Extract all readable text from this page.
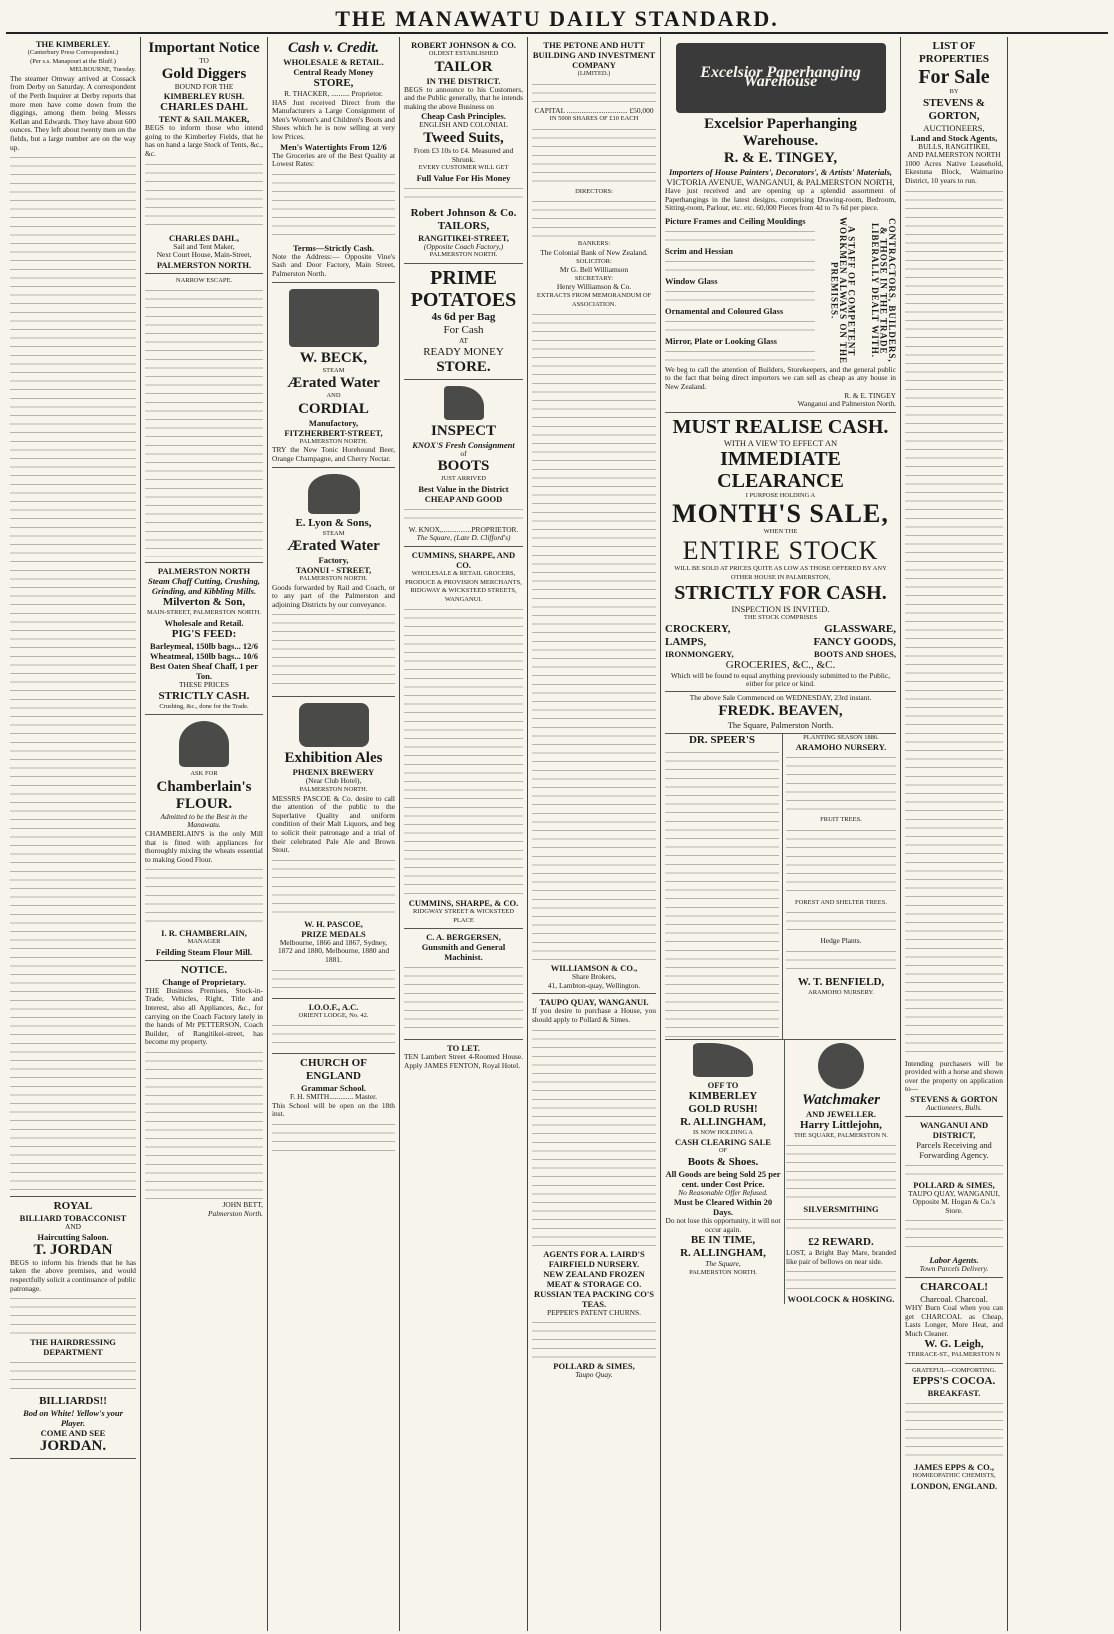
THE MANAWATU DAILY STANDARD.
THE KIMBERLEY.
(Canterbury Press Correspondent.)
(Per s.s. Manapouri at the Bluff.)
MELBOURNE, Tuesday.
The steamer Omway arrived at Cossack from Derby on Saturday. A correspondent of the Perth Inquirer at Derby reports that more men have come down from the diggings, among them being Messrs Kellan and Edwards. They have about 600 ounces. They left about twenty men on the fields, but a large number are on the way up.
ROYAL
BILLIARD TOBACCONIST
AND
Haircutting Saloon.
T. JORDAN
BEGS to inform his friends that he has taken the above premises, and would respectfully solicit a continuance of public patronage.
THE HAIRDRESSING
DEPARTMENT
BILLIARDS!!
Bod on White! Yellow's your Player.
COME AND SEE
JORDAN.
Important Notice
TO
Gold Diggers
BOUND FOR THE
KIMBERLEY RUSH.
CHARLES DAHL
TENT & SAIL MAKER,
BEGS to inform those who intend going to the Kimberley Fields, that he has on hand a large Stock of Tents, &c., &c.
CHARLES DAHL,
Sail and Tent Maker,
Next Court House, Main-Street,
PALMERSTON NORTH.
NARROW ESCAPE.
PALMERSTON NORTH
Steam Chaff Cutting, Crushing, Grinding, and Kibbling Mills.
Milverton & Son,
MAIN-STREET, PALMERSTON NORTH.
Wholesale and Retail.
PIG'S FEED:
Barleymeal, 150lb bags... 12/6
Wheatmeal, 150lb bags... 10/6
Best Oaten Sheaf Chaff, 1 per Ton.
THESE PRICES
STRICTLY CASH.
Crushing, &c., done for the Trade.
ASK FOR
Chamberlain's FLOUR.
Admitted to be the Best in the Manawatu.
CHAMBERLAIN'S is the only Mill that is fitted with appliances for thoroughly mixing the wheats essential to making Good Flour.
I. R. CHAMBERLAIN,
MANAGER
Feilding Steam Flour Mill.
NOTICE.
Change of Proprietary.
THE Business Premises, Stock-in-Trade, Vehicles, Right, Title and Interest, also all Appliances, &c., for carrying on the Coach Factory lately in the hands of Mr PETTERSON, Coach Builder, of Rangitikei-street, has become my property.
JOHN BETT,
Palmerston North.
Cash v. Credit.
WHOLESALE & RETAIL.
Central Ready Money
STORE,
R. THACKER, .......... Proprietor.
HAS Just received Direct from the Manufacturers a Large Consignment of Men's Women's and Children's Boots and Shoes which he is now selling at very low Prices.
Men's Watertights From 12/6
The Groceries are of the Best Quality at Lowest Rates:
Terms—Strictly Cash.
Note the Address:— Opposite Vine's Sash and Door Factory, Main Street, Palmerston North.
W. BECK,
STEAM
Ærated Water
AND
CORDIAL
Manufactory,
FITZHERBERT-STREET,
PALMERSTON NORTH.
TRY the New Tonic Horehound Beer, Orange Champagne, and Cherry Nectar.
E. Lyon & Sons,
STEAM
Ærated Water
Factory,
TAONUI - STREET,
PALMERSTON NORTH.
Goods forwarded by Rail and Coach, or to any part of the Palmerston and adjoining Districts by our conveyance.
Exhibition Ales
PHŒNIX BREWERY
(Near Club Hotel),
PALMERSTON NORTH.
MESSRS PASCOE & Co. desire to call the attention of the public to the Superlative Quality and uniform condition of their Malt Liquors, and beg to solicit their patronage and a trial of their celebrated Pale Ale and Brown Stout.
W. H. PASCOE,
PRIZE MEDALS
Melbourne, 1866 and 1867, Sydney, 1872 and 1880, Melbourne, 1880 and 1881.
I.O.O.F., A.C.
ORIENT LODGE, No. 42.
CHURCH OF ENGLAND
Grammar School.
F. H. SMITH............. Master.
This School will be open on the 18th inst.
ROBERT JOHNSON & CO.
OLDEST ESTABLISHED
TAILOR
IN THE DISTRICT.
BEGS to announce to his Customers, and the Public generally, that he intends making the above Business on
Cheap Cash Principles.
ENGLISH AND COLONIAL
Tweed Suits,
From £3 10s to £4. Measured and Shrunk.
EVERY CUSTOMER WILL GET
Full Value For His Money
Robert Johnson & Co.
TAILORS,
RANGITIKEI-STREET,
(Opposite Coach Factory,)
PALMERSTON NORTH.
PRIME
POTATOES
4s 6d per Bag
For Cash
AT
READY MONEY
STORE.
INSPECT
KNOX'S Fresh Consignment
of
BOOTS
JUST ARRIVED
Best Value in the District
CHEAP AND GOOD
W. KNOX,................PROPRIETOR.
The Square, (Late D. Clifford's)
CUMMINS, SHARPE, AND CO.
WHOLESALE & RETAIL GROCERS, PRODUCE & PROVISION MERCHANTS,
RIDGWAY & WICKSTEED STREETS, WANGANUI.
CUMMINS, SHARPE, & CO.
RIDGWAY STREET & WICKSTEED PLACE
C. A. BERGERSEN,
Gunsmith and General Machinist.
TO LET.
TEN Lambert Street 4-Roomed House. Apply JAMES FENTON, Royal Hotel.
THE PETONE AND HUTT BUILDING AND INVESTMENT COMPANY
(LIMITED.)
CAPITAL ................................. £50,000
IN 5000 SHARES OF £10 EACH
DIRECTORS:
BANKERS:
The Colonial Bank of New Zealand.
SOLICITOR:
Mr G. Bell Williamson
SECRETARY:
Henry Williamson & Co.
EXTRACTS FROM MEMORANDUM OF ASSOCIATION.
WILLIAMSON & CO.,
Share Brokers,
41, Lambton-quay, Wellington.
TAUPO QUAY, WANGANUI.
If you desire to purchase a House, you should apply to Pollard & Simes.
AGENTS FOR A. LAIRD'S FAIRFIELD NURSERY.
NEW ZEALAND FROZEN MEAT & STORAGE CO.
RUSSIAN TEA PACKING CO'S TEAS.
PEPPER'S PATENT CHURNS.
POLLARD & SIMES,
Taupo Quay.
Excelsior Paperhanging Warehouse
Excelsior Paperhanging Warehouse.
R. & E. TINGEY,
Importers of House Painters', Decorators', & Artists' Materials,
VICTORIA AVENUE, WANGANUI, & PALMERSTON NORTH,
Have just received and are opening up a splendid assortment of Paperhangings in the latest designs, comprising Drawing-room, Bedroom, Sitting-room, Parlour, etc. etc. 60,000 Pieces from 4d to 7s 6d per piece.
Picture Frames and Ceiling Mouldings
Scrim and Hessian
Window Glass
Ornamental and Coloured Glass
Mirror, Plate or Looking Glass	A STAFF OF COMPETENT WORKMEN ALWAYS ON THE PREMISES.	CONTRACTORS, BUILDERS, & THOSE IN THE TRADE LIBERALLY DEALT WITH.
We beg to call the attention of Builders, Storekeepers, and the general public to the fact that being direct importers we can sell as cheap as any house in New Zealand.
R. & E. TINGEY
Wanganui and Palmerston North.
MUST REALISE CASH.
WITH A VIEW TO EFFECT AN
IMMEDIATE CLEARANCE
I PURPOSE HOLDING A
MONTH'S SALE,
WHEN THE
ENTIRE STOCK
WILL BE SOLD AT PRICES QUITE AS LOW AS THOSE OFFERED BY ANY OTHER HOUSE IN PALMERSTON,
STRICTLY FOR CASH.
INSPECTION IS INVITED.
THE STOCK COMPRISES
CROCKERY,	GLASSWARE,
LAMPS,	FANCY GOODS,
IRONMONGERY,	BOOTS AND SHOES,
GROCERIES, &C., &C.
Which will be found to equal anything previously submitted to the Public, either for price or kind.
The above Sale Commenced on WEDNESDAY, 23rd instant.
FREDK. BEAVEN,
The Square, Palmerston North.
DR. SPEER'S	PLANTING SEASON 1886.
ARAMOHO NURSERY.
FRUIT TREES.
FOREST AND SHELTER TREES.
Hedge Plants.
W. T. BENFIELD,
ARAMOHO NURSERY.
OFF TO
KIMBERLEY
GOLD RUSH!
R. ALLINGHAM,
IS NOW HOLDING A
CASH CLEARING SALE
OF
Boots & Shoes.
All Goods are being Sold 25 per cent. under Cost Price.
No Reasonable Offer Refused.
Must be Cleared Within 20 Days.
Do not lose this opportunity, it will not occur again.
BE IN TIME,
R. ALLINGHAM,
The Square,
PALMERSTON NORTH.
Watchmaker
AND JEWELLER.
Harry Littlejohn,
THE SQUARE, PALMERSTON N.
SILVERSMITHING
£2 REWARD.
LOST, a Bright Bay Mare, branded like pair of bellows on near side.
WOOLCOCK & HOSKING.
LIST OF PROPERTIES
For Sale
BY
STEVENS & GORTON,
AUCTIONEERS,
Land and Stock Agents,
BULLS, RANGITIKEI,
AND PALMERSTON NORTH
1000 Acres Native Leasehold, Ekestuna Block, Waimarino District, 10 years to run.
Intending purchasers will be provided with a horse and shown over the property on application to—
STEVENS & GORTON
Auctioneers, Bulls.
WANGANUI AND DISTRICT,
Parcels Receiving and Forwarding Agency.
POLLARD & SIMES,
TAUPO QUAY, WANGANUI,
Opposite M. Hogan & Co.'s Store.
Labor Agents.
Town Parcels Delivery.
CHARCOAL!
Charcoal. Charcoal.
WHY Burn Coal when you can get CHARCOAL as Cheap, Lasts Longer, More Heat, and Much Cleaner.
W. G. Leigh,
TERRACE-ST., PALMERSTON N
GRATEFUL—COMFORTING.
EPPS'S COCOA.
BREAKFAST.
JAMES EPPS & CO.,
HOMŒOPATHIC CHEMISTS,
LONDON, ENGLAND.
